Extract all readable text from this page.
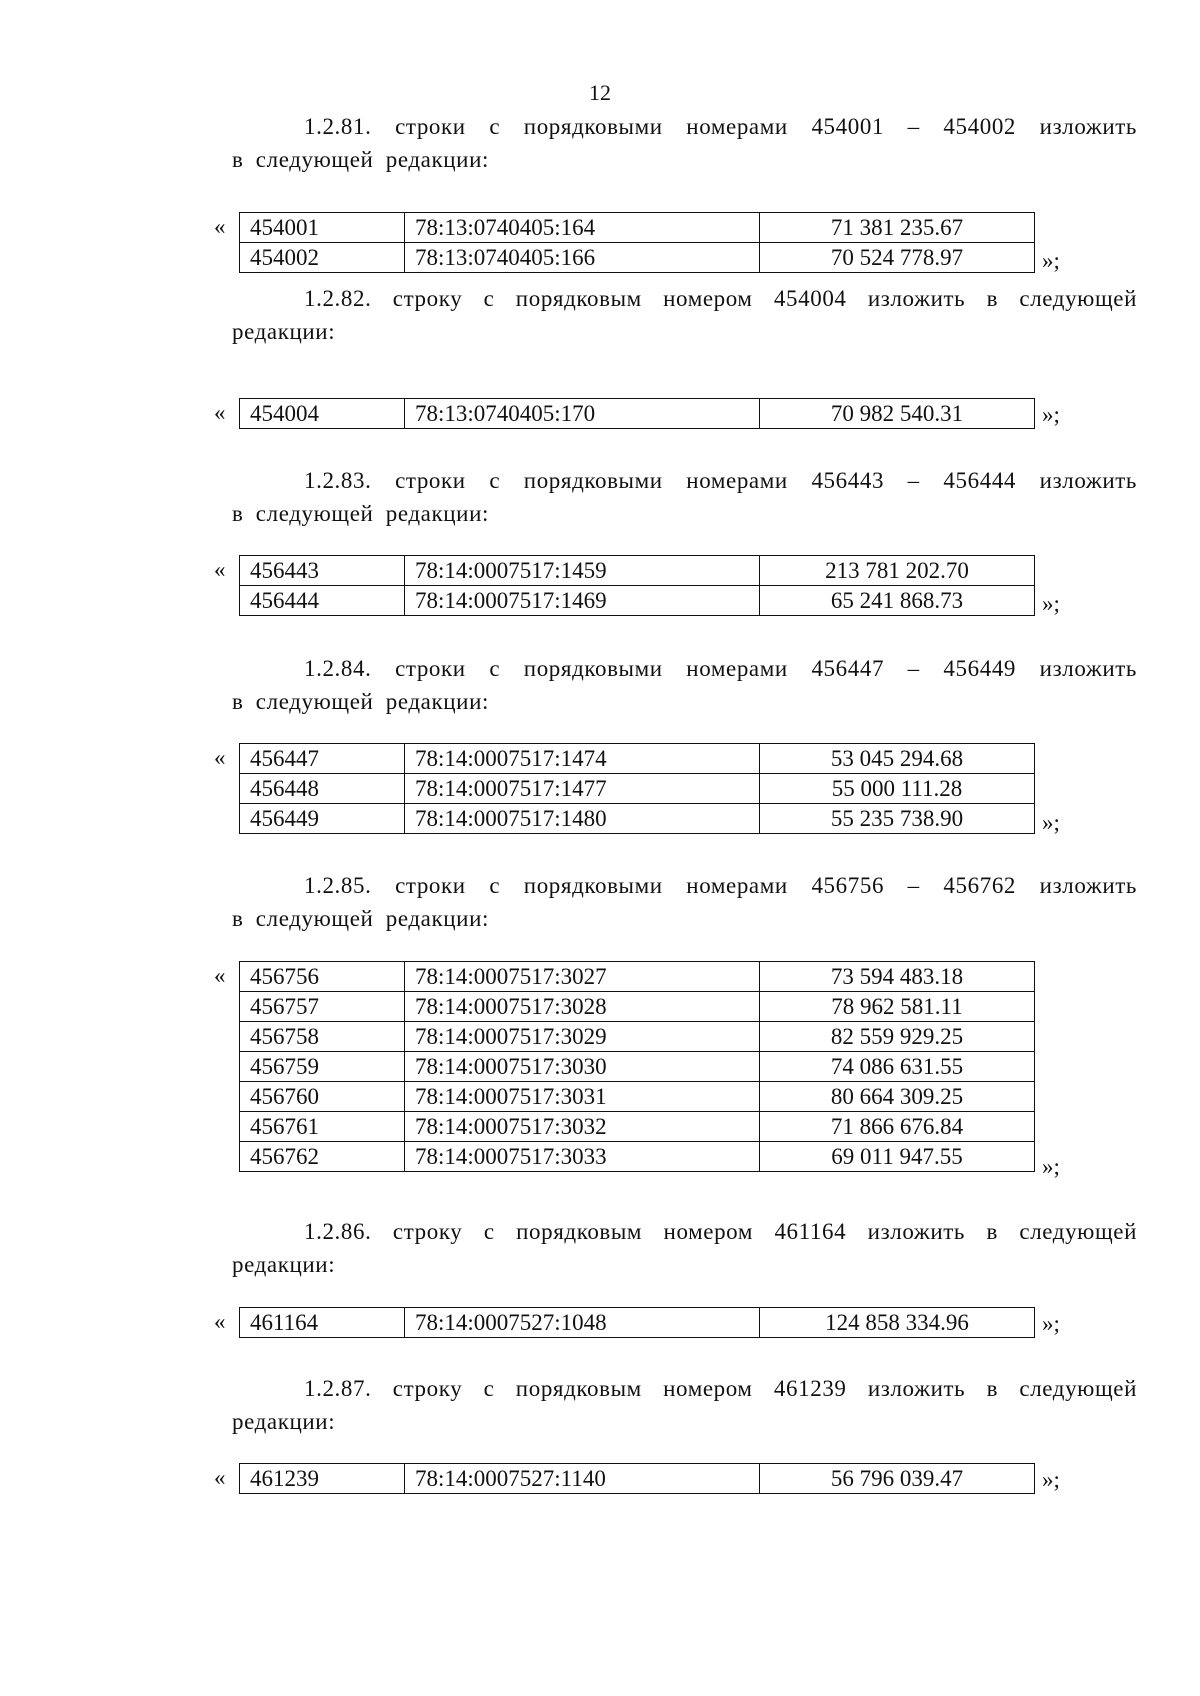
12
1.2.81. строки с порядковыми номерами 454001 – 454002 изложить
в следующей редакции:
« 454001	78:13:0740405:164	71 381 235.67
454002	78:13:0740405:166	70 524 778.97	»;
1.2.82. строку с порядковым номером 454004 изложить в следующей
редакции:
« 454004	78:13:0740405:170	70 982 540.31	»;
1.2.83. строки с порядковыми номерами 456443 – 456444 изложить
в следующей редакции:
« 456443	78:14:0007517:1459	213 781 202.70
456444	78:14:0007517:1469	65 241 868.73	»;
1.2.84. строки с порядковыми номерами 456447 – 456449 изложить
в следующей редакции:
« 456447	78:14:0007517:1474	53 045 294.68
456448	78:14:0007517:1477	55 000 111.28
456449	78:14:0007517:1480	55 235 738.90	»;
1.2.85. строки с порядковыми номерами 456756 – 456762 изложить
в следующей редакции:
« 456756	78:14:0007517:3027	73 594 483.18
456757	78:14:0007517:3028	78 962 581.11
456758	78:14:0007517:3029	82 559 929.25
456759	78:14:0007517:3030	74 086 631.55
456760	78:14:0007517:3031	80 664 309.25
456761	78:14:0007517:3032	71 866 676.84
456762	78:14:0007517:3033	69 011 947.55	»;
1.2.86. строку с порядковым номером 461164 изложить в следующей
редакции:
« 461164	78:14:0007527:1048	124 858 334.96	»;
1.2.87. строку с порядковым номером 461239 изложить в следующей
редакции:
« 461239	78:14:0007527:1140	56 796 039.47	»;
